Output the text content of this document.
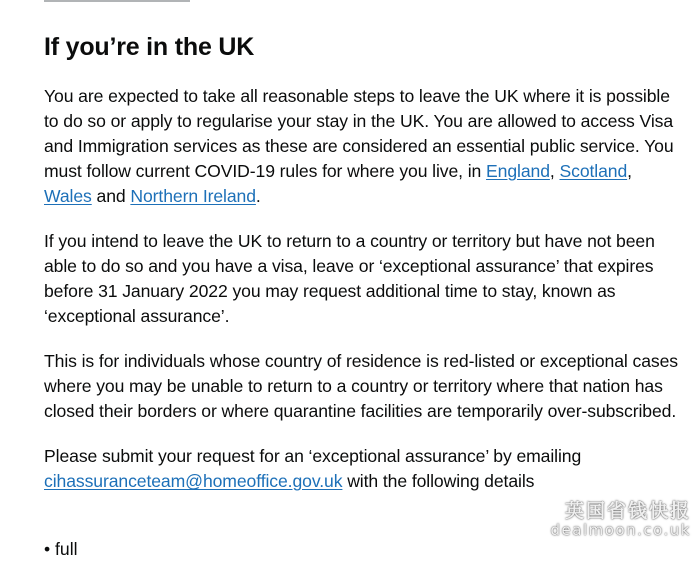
If you’re in the UK

You are expected to take all reasonable steps to leave the UK where it is possible to do so or apply to regularise your stay in the UK. You are allowed to access Visa and Immigration services as these are considered an essential public service. You must follow current COVID-19 rules for where you live, in England, Scotland, Wales and Northern Ireland.

If you intend to leave the UK to return to a country or territory but have not been able to do so and you have a visa, leave or ‘exceptional assurance’ that expires before 31 January 2022 you may request additional time to stay, known as ‘exceptional assurance’.

This is for individuals whose country of residence is red-listed or exceptional cases where you may be unable to return to a country or territory where that nation has closed their borders or where quarantine facilities are temporarily over-subscribed.

Please submit your request for an ‘exceptional assurance’ by emailing cihassuranceteam@homeoffice.gov.uk with the following details

• full
英国省钱快报
dealmoon.co.uk
